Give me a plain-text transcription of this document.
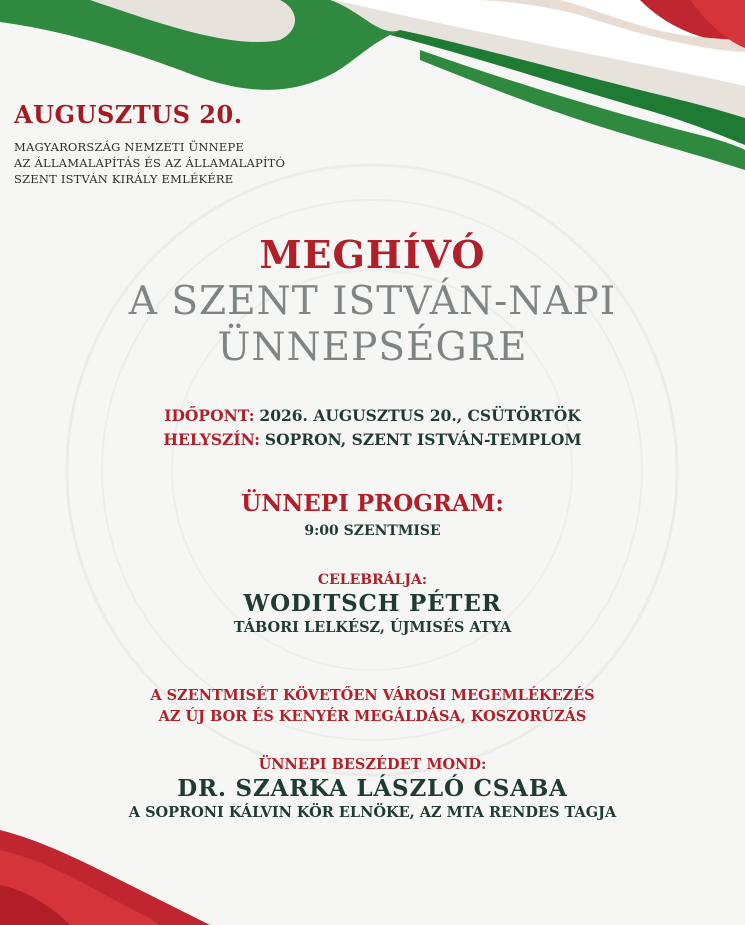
AUGUSZTUS 20.
MAGYARORSZÁG NEMZETI ÜNNEPE
AZ ÁLLAMALAPÍTÁS ÉS AZ ÁLLAMALAPÍTÓ
SZENT ISTVÁN KIRÁLY EMLÉKÉRE
MEGHÍVÓ
A SZENT ISTVÁN-NAPI
ÜNNEPSÉGRE
IDŐPONT: 2026. AUGUSZTUS 20., CSÜTÖRTÖK
HELYSZÍN: SOPRON, SZENT ISTVÁN-TEMPLOM
ÜNNEPI PROGRAM:
9:00 SZENTMISE
CELEBRÁLJA:
WODITSCH PÉTER
TÁBORI LELKÉSZ, ÚJMISÉS ATYA
A SZENTMISÉT KÖVETŐEN VÁROSI MEGEMLÉKEZÉS
AZ ÚJ BOR ÉS KENYÉR MEGÁLDÁSA, KOSZORÚZÁS
ÜNNEPI BESZÉDET MOND:
DR. SZARKA LÁSZLÓ CSABA
A SOPRONI KÁLVIN KÖR ELNÖKE, AZ MTA RENDES TAGJA
